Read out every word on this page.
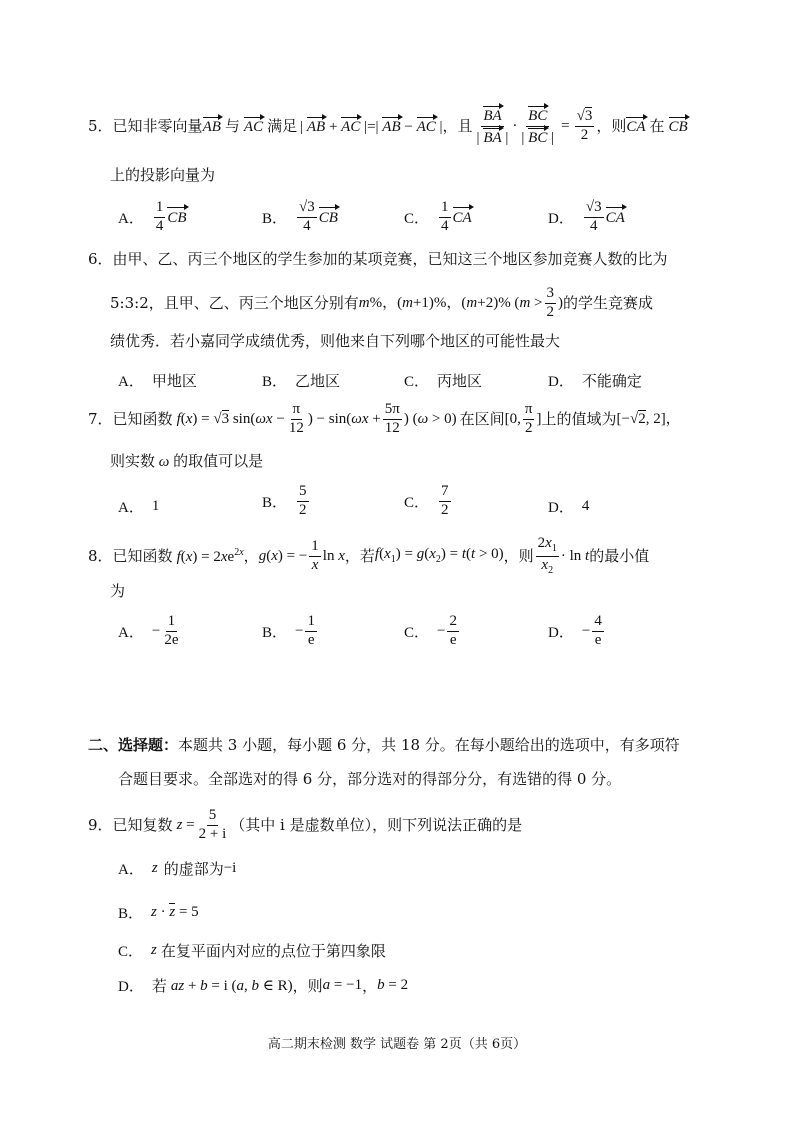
5． 已知非零向量 AB 与 AC 满足 | AB + AC |=| AB − AC | ，且 $\frac{BA}{| BA |} \cdot \frac{BC}{| BC |} = \frac{√3}{2}$ ，则 CA 在 CB
上的投影向量为
A． $\frac{1}{4}$ CB	B． $\frac{√3}{4}$ CB	C． $\frac{1}{4}$ CA	D． $\frac{√3}{4}$ CA
6．由甲、乙、丙三个地区的学生参加的某项竞赛，已知这三个地区参加竞赛人数的比为
5:3:2，且甲、乙、丙三个地区分别有 m%，(m+1)%，(m+2)% ($m > \frac{3}{2}$ ) 的学生竞赛成
绩优秀．若小嘉同学成绩优秀，则他来自下列哪个地区的可能性最大
A． 甲地区	B． 乙地区	C． 丙地区	D． 不能确定
7． 已知函数 f(x) = √3 $\sin(\omega x - \frac{\pi}{12}$ ) − $\sin(\omega x + \frac{5\pi}{12}$ ) (ω > 0) 在区间 [0, $\frac{\pi}{2}$ ] 上的值域为 [−√2, 2]，
则实数 ω 的取值可以是
A． 1	B． $\frac{5}{2}$	C． $\frac{7}{2}$	D． 4
8． 已知函数 $f(x) = 2xe^{2x}$ ， g(x) = − $\frac{1}{x}$ ln x ，若 $f(x_1) = g(x_2) = t(t > 0)$ ，则 $\frac{2x_1}{x_2} \cdot \ln t$ 的最小值
为
A． − $\frac{1}{2e}$	B． − $\frac{1}{e}$	C． − $\frac{2}{e}$	D． − $\frac{4}{e}$
二、选择题：本题共 3 小题，每小题 6 分，共 18 分。在每小题给出的选项中，有多项符
合题目要求。全部选对的得 6 分，部分选对的得部分分，有选错的得 0 分。
9． 已知复数 $z = \frac{5}{2 + i}$ （其中 i 是虚数单位），则下列说法正确的是
A． z 的虚部为 −i
B． z · z = 5
C． z 在复平面内对应的点位于第四象限
D． 若 az + b = i (a, b ∈ R) ，则 a = −1 ， b = 2
高二期末检测 数学 试题卷 第 2页（共 6页）
